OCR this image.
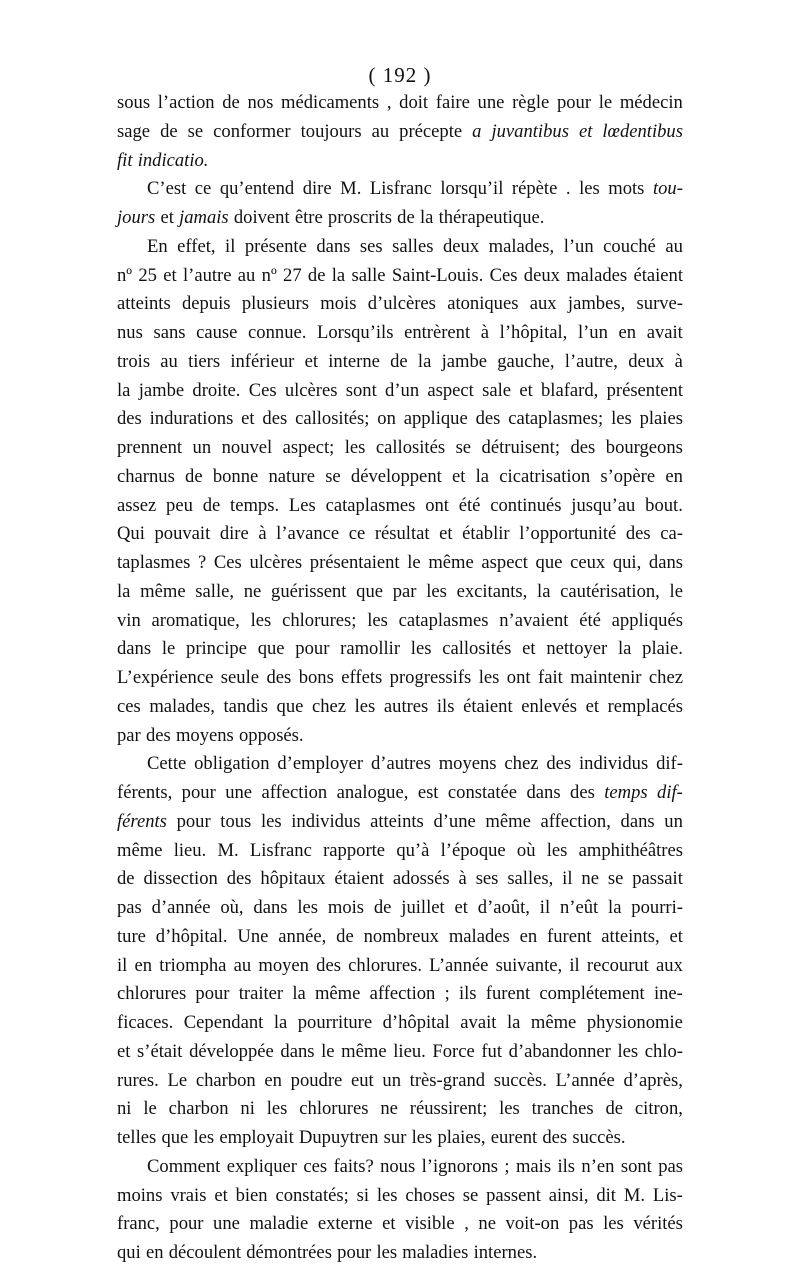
( 192 )
sous l’action de nos médicaments , doit faire une règle pour le médecin
sage de se conformer toujours au précepte a juvantibus et lœdentibus
fit indicatio.
C’est ce qu’entend dire M. Lisfranc lorsqu’il répète . les mots tou-
jours et jamais doivent être proscrits de la thérapeutique.
En effet, il présente dans ses salles deux malades, l’un couché au
nº 25 et l’autre au nº 27 de la salle Saint-Louis. Ces deux malades étaient
atteints depuis plusieurs mois d’ulcères atoniques aux jambes, surve-
nus sans cause connue. Lorsqu’ils entrèrent à l’hôpital, l’un en avait
trois au tiers inférieur et interne de la jambe gauche, l’autre, deux à
la jambe droite. Ces ulcères sont d’un aspect sale et blafard, présentent
des indurations et des callosités; on applique des cataplasmes; les plaies
prennent un nouvel aspect; les callosités se détruisent; des bourgeons
charnus de bonne nature se développent et la cicatrisation s’opère en
assez peu de temps. Les cataplasmes ont été continués jusqu’au bout.
Qui pouvait dire à l’avance ce résultat et établir l’opportunité des ca-
taplasmes ? Ces ulcères présentaient le même aspect que ceux qui, dans
la même salle, ne guérissent que par les excitants, la cautérisation, le
vin aromatique, les chlorures; les cataplasmes n’avaient été appliqués
dans le principe que pour ramollir les callosités et nettoyer la plaie.
L’expérience seule des bons effets progressifs les ont fait maintenir chez
ces malades, tandis que chez les autres ils étaient enlevés et remplacés
par des moyens opposés.
Cette obligation d’employer d’autres moyens chez des individus dif-
férents, pour une affection analogue, est constatée dans des temps dif-
férents pour tous les individus atteints d’une même affection, dans un
même lieu. M. Lisfranc rapporte qu’à l’époque où les amphithéâtres
de dissection des hôpitaux étaient adossés à ses salles, il ne se passait
pas d’année où, dans les mois de juillet et d’août, il n’eût la pourri-
ture d’hôpital. Une année, de nombreux malades en furent atteints, et
il en triompha au moyen des chlorures. L’année suivante, il recourut aux
chlorures pour traiter la même affection ; ils furent complétement ine-
ficaces. Cependant la pourriture d’hôpital avait la même physionomie
et s’était développée dans le même lieu. Force fut d’abandonner les chlo-
rures. Le charbon en poudre eut un très-grand succès. L’année d’après,
ni le charbon ni les chlorures ne réussirent; les tranches de citron,
telles que les employait Dupuytren sur les plaies, eurent des succès.
Comment expliquer ces faits? nous l’ignorons ; mais ils n’en sont pas
moins vrais et bien constatés; si les choses se passent ainsi, dit M. Lis-
franc, pour une maladie externe et visible , ne voit-on pas les vérités
qui en découlent démontrées pour les maladies internes.
